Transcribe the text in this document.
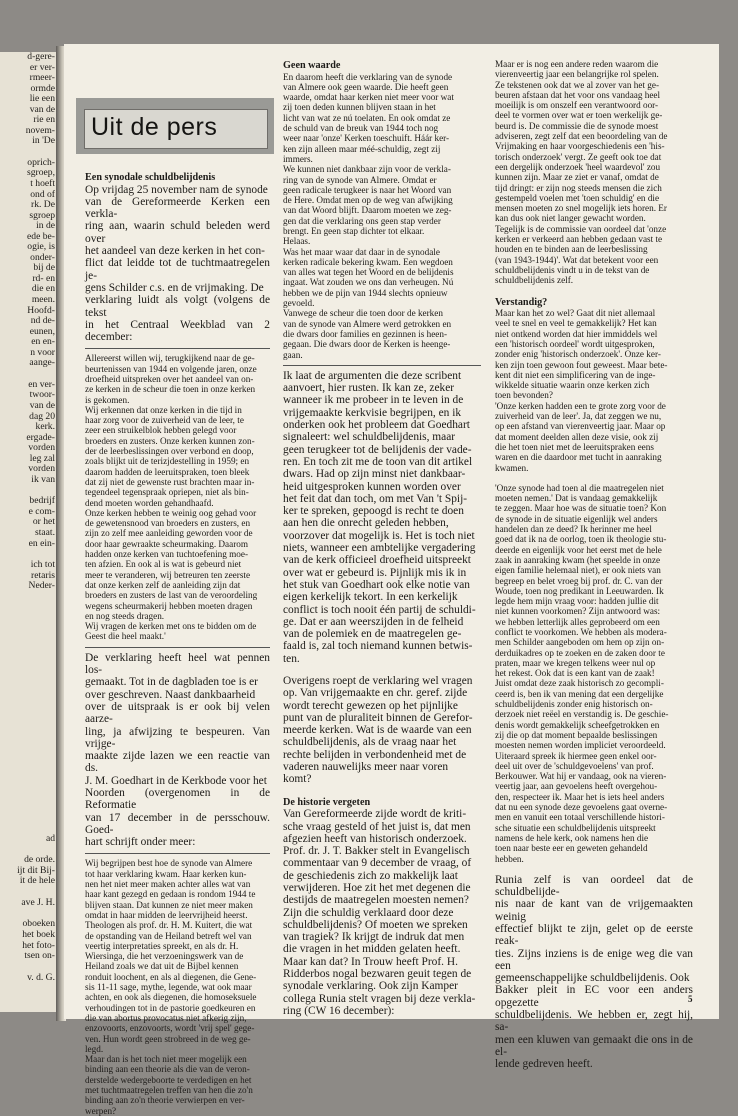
d-gere-
er ver-
rmeer-
ormde
lie een
van de
rie en
novem-
in 'De
oprich-
sgroep,
t hoeft
ond of
rk. De
sgroep
in de
ede be-
ogie, is
onder-
bij de
rd- en
die en
meen.
Hoofd-
nd de-
eunen,
en en-
n voor
aange-
en ver-
twoor-
van de
dag 20
kerk.
ergade-
vorden
leg zal
vorden
ik van
bedrijf
e com-
or het
staat.
en ein-
ich tot
retaris
Neder-
ad
de orde.
ijt dit Bij-
it de hele
ave J. H.
oboeken
het boek
het foto-
tsen on-
v. d. G.
Uit de pers
Een synodale schuldbelijdenis
Op vrijdag 25 november nam de synode
van de Gereformeerde Kerken een verkla-
ring aan, waarin schuld beleden werd over
het aandeel van deze kerken in het con-
flict dat leidde tot de tuchtmaatregelen je-
gens Schilder c.s. en de vrijmaking. De
verklaring luidt als volgt (volgens de tekst
in het Centraal Weekblad van 2 december:
Allereerst willen wij, terugkijkend naar de ge-
beurtenissen van 1944 en volgende jaren, onze
droefheid uitspreken over het aandeel van on-
ze kerken in de scheur die toen in onze kerken
is gekomen.
Wij erkennen dat onze kerken in die tijd in
haar zorg voor de zuiverheid van de leer, te
zeer een struikelblok hebben gelegd voor
broeders en zusters. Onze kerken kunnen zon-
der de leerbeslissingen over verbond en doop,
zoals blijkt uit de terizjdestelling in 1959; en
daarom hadden de leeruitspraken, toen bleek
dat zij niet de gewenste rust brachten maar in-
tegendeel tegenspraak opriepen, niet als bin-
dend moeten worden gehandhaafd.
Onze kerken hebben te weinig oog gehad voor
de gewetensnood van broeders en zusters, en
zijn zo zelf mee aanleiding geworden voor de
door haar gewraakte scheurmaking. Daarom
hadden onze kerken van tuchtoefening moe-
ten afzien. En ook al is wat is gebeurd niet
meer te veranderen, wij betreuren ten zeerste
dat onze kerken zelf de aanleiding zijn dat
broeders en zusters de last van de veroordeling
wegens scheurmakerij hebben moeten dragen
en nog steeds dragen.
Wij vragen de kerken met ons te bidden om de
Geest die heel maakt.'
De verklaring heeft heel wat pennen los-
gemaakt. Tot in de dagbladen toe is er
over geschreven. Naast dankbaarheid
over de uitspraak is er ook bij velen aarze-
ling, ja afwijzing te bespeuren. Van vrijge-
maakte zijde lazen we een reactie van ds.
J. M. Goedhart in de Kerkbode voor het
Noorden (overgenomen in de Reformatie
van 17 december in de persschouw. Goed-
hart schrijft onder meer:
Wij begrijpen best hoe de synode van Almere
tot haar verklaring kwam. Haar kerken kun-
nen het niet meer maken achter alles wat van
haar kant gezegd en gedaan is rondom 1944 te
blijven staan. Dat kunnen ze niet meer maken
omdat in haar midden de leervrijheid heerst.
Theologen als prof. dr. H. M. Kuitert, die wat
de opstanding van de Heiland betreft wel van
veertig interpretaties spreekt, en als dr. H.
Wiersinga, die het verzoeningswerk van de
Heiland zoals we dat uit de Bijbel kennen
ronduit loochent, en als al diegenen, die Gene-
sis 11-11 sage, mythe, legende, wat ook maar
achten, en ook als diegenen, die homoseksuele
verhoudingen tot in de pastorie goedkeuren en
die van abortus provocatus niet afkerig zijn,
enzovoorts, enzovoorts, wordt 'vrij spel' gege-
ven. Hun wordt geen strobreed in de weg ge-
legd.
Maar dan is het toch niet meer mogelijk een
binding aan een theorie als die van de veron-
derstelde wedergeboorte te verdedigen en het
met tuchtmaatregelen treffen van hen die zo'n
binding aan zo'n theorie verwierpen en ver-
werpen?
Geen waarde
En daarom heeft die verklaring van de synode
van Almere ook geen waarde. Die heeft geen
waarde, omdat haar kerken niet meer voor wat
zij toen deden kunnen blijven staan in het
licht van wat ze nú toelaten. En ook omdat ze
de schuld van de breuk van 1944 toch nog
weer naar 'onze' Kerken toeschuift. Háár ker-
ken zijn alleen maar méé-schuldig, zegt zij
immers.
We kunnen niet dankbaar zijn voor de verkla-
ring van de synode van Almere. Omdat er
geen radicale terugkeer is naar het Woord van
de Here. Omdat men op de weg van afwijking
van dat Woord blijft. Daarom moeten we zeg-
gen dat die verklaring ons geen stap verder
brengt. En geen stap dichter tot elkaar.
Helaas.
Was het maar waar dat daar in de synodale
kerken radicale bekering kwam. Een wegdoen
van alles wat tegen het Woord en de belijdenis
ingaat. Wat zouden we ons dan verheugen. Nú
hebben we de pijn van 1944 slechts opnieuw
gevoeld.
Vanwege de scheur die toen door de kerken
van de synode van Almere werd getrokken en
die dwars door families en gezinnen is heen-
gegaan. Die dwars door de Kerken is heenge-
gaan.
Ik laat de argumenten die deze scribent
aanvoert, hier rusten. Ik kan ze, zeker
wanneer ik me probeer in te leven in de
vrijgemaakte kerkvisie begrijpen, en ik
onderken ook het probleem dat Goedhart
signaleert: wel schuldbelijdenis, maar
geen terugkeer tot de belijdenis der vade-
ren. En toch zit me de toon van dit artikel
dwars. Had op zijn minst niet dankbaar-
heid uitgesproken kunnen worden over
het feit dat dan toch, om met Van 't Spij-
ker te spreken, gepoogd is recht te doen
aan hen die onrecht geleden hebben,
voorzover dat mogelijk is. Het is toch niet
niets, wanneer een ambtelijke vergadering
van de kerk officieel droefheid uitspreekt
over wat er gebeurd is. Pijnlijk mis ik in
het stuk van Goedhart ook elke notie van
eigen kerkelijk tekort. In een kerkelijk
conflict is toch nooit één partij de schuldi-
ge. Dat er aan weerszijden in de felheid
van de polemiek en de maatregelen ge-
faald is, zal toch niemand kunnen betwis-
ten.
Overigens roept de verklaring wel vragen
op. Van vrijgemaakte en chr. geref. zijde
wordt terecht gewezen op het pijnlijke
punt van de pluraliteit binnen de Gerefor-
meerde kerken. Wat is de waarde van een
schuldbelijdenis, als de vraag naar het
rechte belijden in verbondenheid met de
vaderen nauwelijks meer naar voren
komt?
De historie vergeten
Van Gereformeerde zijde wordt de kriti-
sche vraag gesteld of het juist is, dat men
afgezien heeft van historisch onderzoek.
Prof. dr. J. T. Bakker stelt in Evangelisch
commentaar van 9 december de vraag, of
de geschiedenis zich zo makkelijk laat
verwijderen. Hoe zit het met degenen die
destijds de maatregelen moesten nemen?
Zijn die schuldig verklaard door deze
schuldbelijdenis? Of moeten we spreken
van tragiek? Ik krijgt de indruk dat men
die vragen in het midden gelaten heeft.
Maar kan dat? In Trouw heeft Prof. H.
Ridderbos nogal bezwaren geuit tegen de
synodale verklaring. Ook zijn Kamper
collega Runia stelt vragen bij deze verkla-
ring (CW 16 december):
Maar er is nog een andere reden waarom die
vierenveertig jaar een belangrijke rol spelen.
Ze tekstenen ook dat we al zover van het ge-
beuren afstaan dat het voor ons vandaag heel
moeilijk is om onszelf een verantwoord oor-
deel te vormen over wat er toen werkelijk ge-
beurd is. De commissie die de synode moest
adviseren, zegt zelf dat een beoordeling van de
Vrijmaking en haar voorgeschiedenis een 'his-
torisch onderzoek' vergt. Ze geeft ook toe dat
een dergelijk onderzoek 'heel waardevol' zou
kunnen zijn. Maar ze ziet er vanaf, omdat de
tijd dringt: er zijn nog steeds mensen die zich
gestempeld voelen met 'toen schuldig' en die
mensen moeten zo snel mogelijk iets horen. Er
kan dus ook niet langer gewacht worden.
Tegelijk is de commissie van oordeel dat 'onze
kerken er verkeerd aan hebben gedaan vast te
houden en te binden aan de leerbeslissing
(van 1943-1944)'. Wat dat betekent voor een
schuldbelijdenis vindt u in de tekst van de
schuldbelijdenis zelf.
Verstandig?
Maar kan het zo wel? Gaat dit niet allemaal
veel te snel en veel te gemakkelijk? Het kan
niet ontkend worden dat hier immiddels wel
een 'historisch oordeel' wordt uitgesproken,
zonder enig 'historisch onderzoek'. Onze ker-
ken zijn toen gewoon fout geweest. Maar bete-
kent dit niet een simplificering van de inge-
wikkelde situatie waarin onze kerken zich
toen bevonden?
'Onze kerken hadden een te grote zorg voor de
zuiverheid van de leer'. Ja, dat zeggen we nu,
op een afstand van vierenveertig jaar. Maar op
dat moment deelden allen deze visie, ook zij
die het toen niet met de leeruitspraken eens
waren en die daardoor met tucht in aanraking
kwamen.
'Onze synode had toen al die maatregelen niet
moeten nemen.' Dat is vandaag gemakkelijk
te zeggen. Maar hoe was de situatie toen? Kon
de synode in de situatie eigenlijk wel anders
handelen dan ze deed? Ik herinner me heel
goed dat ik na de oorlog, toen ik theologie stu-
deerde en eigenlijk voor het eerst met de hele
zaak in aanraking kwam (het speelde in onze
eigen familie helemaal niet), er ook niets van
begreep en belet vroeg bij prof. dr. C. van der
Woude, toen nog predikant in Leeuwarden. Ik
legde hem mijn vraag voor: hadden jullie dit
niet kunnen voorkomen? Zijn antwoord was:
we hebben letterlijk alles geprobeerd om een
conflict te voorkomen. We hebben als modera-
men Schilder aangeboden om hem op zijn on-
derduikadres op te zoeken en de zaken door te
praten, maar we kregen telkens weer nul op
het rekest. Ook dat is een kant van de zaak!
Juist omdat deze zaak historisch zo gecompli-
ceerd is, ben ik van mening dat een dergelijke
schuldbelijdenis zonder enig historisch on-
derzoek niet reëel en verstandig is. De geschie-
denis wordt gemakkelijk scheefgetrokken en
zij die op dat moment bepaalde beslissingen
moesten nemen worden impliciet veroordeeld.
Uiteraard spreek ik hiermee geen enkel oor-
deel uit over de 'schuldgevoelens' van prof.
Berkouwer. Wat hij er vandaag, ook na vieren-
veertig jaar, aan gevoelens heeft overgehou-
den, respecteer ik. Maar het is iets heel anders
dat nu een synode deze gevoelens gaat overne-
men en vanuit een totaal verschillende histori-
sche situatie een schuldbelijdenis uitspreekt
namens de hele kerk, ook namens hen die
toen naar beste eer en geweten gehandeld
hebben.
Runia zelf is van oordeel dat de schuldbelijde-
nis naar de kant van de vrijgemaakten weinig
effectief blijkt te zijn, gelet op de eerste reak-
ties. Zijns inziens is de enige weg die van een
gemeenschappelijke schuldbelijdenis. Ook
Bakker pleit in EC voor een anders opgezette
schuldbelijdenis. We hebben er, zegt hij, sa-
men een kluwen van gemaakt die ons in de el-
lende gedreven heeft.
5
